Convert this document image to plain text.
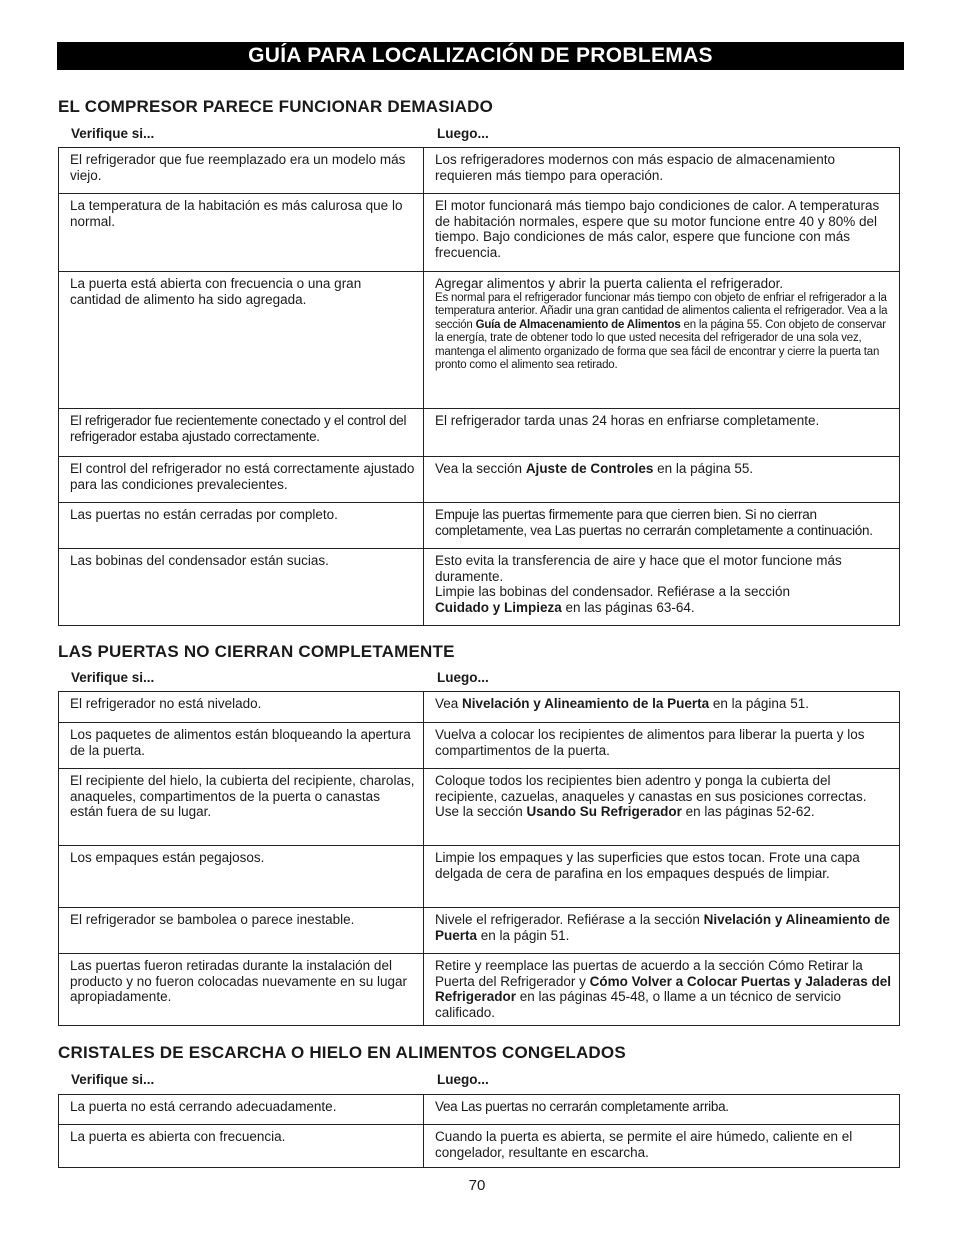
GUÍA PARA LOCALIZACIÓN DE PROBLEMAS
EL COMPRESOR PARECE FUNCIONAR DEMASIADO
Verifique si...	Luego...
El refrigerador que fue reemplazado era un modelo más viejo.	Los refrigeradores modernos con más espacio de almacenamiento requieren más tiempo para operación.
La temperatura de la habitación es más calurosa que lo normal.	El motor funcionará más tiempo bajo condiciones de calor. A temperaturas de habitación normales, espere que su motor funcione entre 40 y 80% del tiempo. Bajo condiciones de más calor, espere que funcione con más frecuencia.
La puerta está abierta con frecuencia o una gran cantidad de alimento ha sido agregada.	Agregar alimentos y abrir la puerta calienta el refrigerador.
Es normal para el refrigerador funcionar más tiempo con objeto de enfriar el refrigerador a la temperatura anterior. Añadir una gran cantidad de alimentos calienta el refrigerador. Vea a la sección Guía de Almacenamiento de Alimentos en la página 55. Con objeto de conservar la energía, trate de obtener todo lo que usted necesita del refrigerador de una sola vez, mantenga el alimento organizado de forma que sea fácil de encontrar y cierre la puerta tan pronto como el alimento sea retirado.

El refrigerador fue recientemente conectado y el control del refrigerador estaba ajustado correctamente.	El refrigerador tarda unas 24 horas en enfriarse completamente.
El control del refrigerador no está correctamente ajustado para las condiciones prevalecientes.	Vea la sección Ajuste de Controles en la página 55.
Las puertas no están cerradas por completo.	Empuje las puertas firmemente para que cierren bien. Si no cierran completamente, vea Las puertas no cerrarán completamente a continuación.
Las bobinas del condensador están sucias.	Esto evita la transferencia de aire y hace que el motor funcione más duramente.
Limpie las bobinas del condensador. Refiérase a la sección
Cuidado y Limpieza en las páginas 63-64.
LAS PUERTAS NO CIERRAN COMPLETAMENTE
Verifique si...	Luego...
El refrigerador no está nivelado.	Vea Nivelación y Alineamiento de la Puerta en la página 51.
Los paquetes de alimentos están bloqueando la apertura de la puerta.	Vuelva a colocar los recipientes de alimentos para liberar la puerta y los compartimentos de la puerta.
El recipiente del hielo, la cubierta del recipiente, charolas, anaqueles, compartimentos de la puerta o canastas están fuera de su lugar.	Coloque todos los recipientes bien adentro y ponga la cubierta del recipiente, cazuelas, anaqueles y canastas en sus posiciones correctas. Use la sección Usando Su Refrigerador en las páginas 52-62.
Los empaques están pegajosos.	Limpie los empaques y las superficies que estos tocan. Frote una capa delgada de cera de parafina en los empaques después de limpiar.
El refrigerador se bambolea o parece inestable.	Nivele el refrigerador. Refiérase a la sección Nivelación y Alineamiento de Puerta en la págin 51.
Las puertas fueron retiradas durante la instalación del producto y no fueron colocadas nuevamente en su lugar apropiadamente.	Retire y reemplace las puertas de acuerdo a la sección Cómo Retirar la Puerta del Refrigerador y Cómo Volver a Colocar Puertas y Jaladeras del Refrigerador en las páginas 45-48, o llame a un técnico de servicio calificado.
CRISTALES DE ESCARCHA O HIELO EN ALIMENTOS CONGELADOS
Verifique si...	Luego...
La puerta no está cerrando adecuadamente.	Vea Las puertas no cerrarán completamente arriba.
La puerta es abierta con frecuencia.	Cuando la puerta es abierta, se permite el aire húmedo, caliente en el congelador, resultante en escarcha.
70
